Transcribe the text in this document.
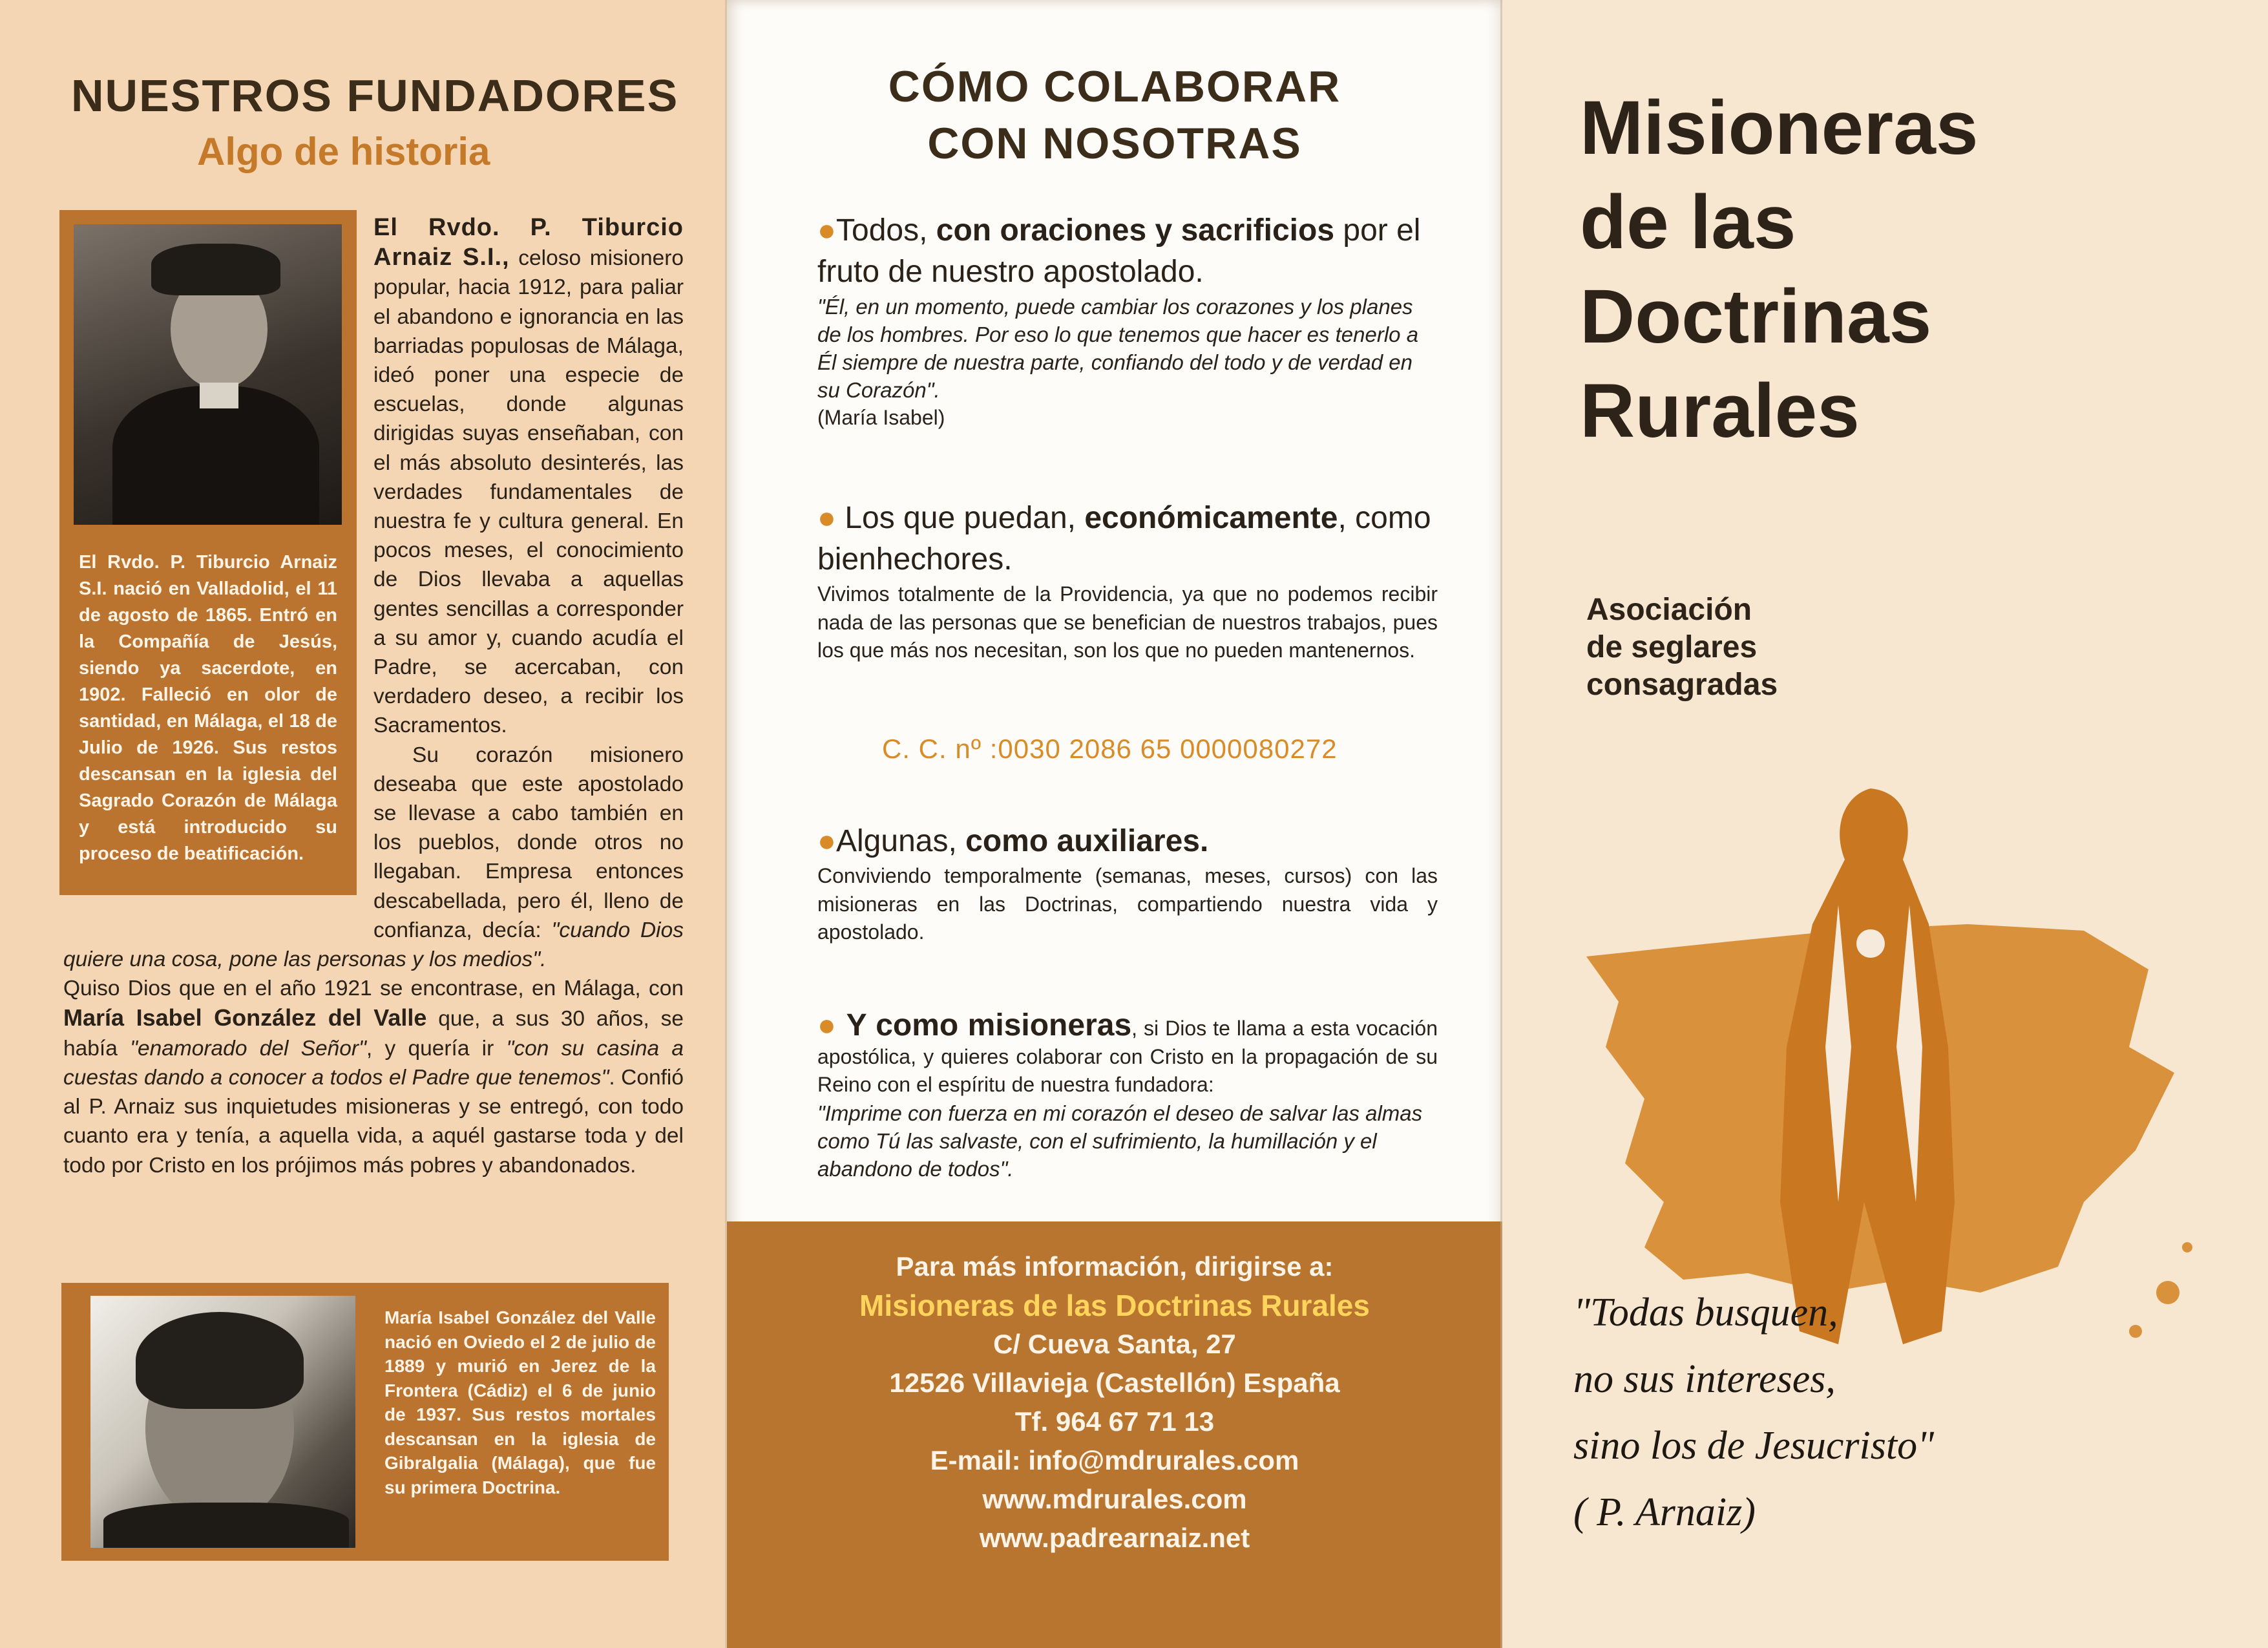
NUESTROS FUNDADORES
Algo de historia

El Rvdo. P. Tiburcio Arnaiz S.I. nació en Valladolid, el 11 de agosto de 1865. Entró en la Compañía de Jesús, siendo ya sacerdote, en 1902. Falleció en olor de santidad, en Málaga, el 18 de Julio de 1926. Sus restos descansan en la iglesia del Sagrado Corazón de Málaga y está introducido su proceso de beatificación.

El Rvdo. P. Tiburcio Arnaiz S.I., celoso misionero popular, hacia 1912, para paliar el abandono e ignorancia en las barriadas populosas de Málaga, ideó poner una especie de escuelas, donde algunas dirigidas suyas enseñaban, con el más absoluto desinterés, las verdades fundamentales de nuestra fe y cultura general. En pocos meses, el conocimiento de Dios llevaba a aquellas gentes sencillas a corresponder a su amor y, cuando acudía el Padre, se acercaban, con verdadero deseo, a recibir los Sacramentos.
Su corazón misionero deseaba que este apostolado se llevase a cabo también en los pueblos, donde otros no llegaban. Empresa entonces descabellada, pero él, lleno de confianza, decía: "cuando Dios quiere una cosa, pone las personas y los medios".
Quiso Dios que en el año 1921 se encontrase, en Málaga, con María Isabel González del Valle que, a sus 30 años, se había "enamorado del Señor", y quería ir "con su casina a cuestas dando a conocer a todos el Padre que tenemos". Confió al P. Arnaiz sus inquietudes misioneras y se entregó, con todo cuanto era y tenía, a aquella vida, a aquél gastarse toda y del todo por Cristo en los prójimos más pobres y abandonados.

María Isabel González del Valle nació en Oviedo el 2 de julio de 1889 y murió en Jerez de la Frontera (Cádiz) el 6 de junio de 1937. Sus restos mortales descansan en la iglesia de Gibralgalia (Málaga), que fue su primera Doctrina.

CÓMO COLABORAR
CON NOSOTRAS
●Todos, con oraciones y sacrificios por el fruto de nuestro apostolado.

"Él, en un momento, puede cambiar los corazones y los planes de los hombres. Por eso lo que tenemos que hacer es tenerlo a Él siempre de nuestra parte, confiando del todo y de verdad en su Corazón".

(María Isabel)

● Los que puedan, económicamente, como bienhechores.

Vivimos totalmente de la Providencia, ya que no podemos recibir nada de las personas que se benefician de nuestros trabajos, pues los que más nos necesitan, son los que no pueden mantenernos.

C. C. nº :0030 2086 65 0000080272
●Algunas, como auxiliares.

Conviviendo temporalmente (semanas, meses, cursos) con las misioneras en las Doctrinas, compartiendo nuestra vida y apostolado.

● Y como misioneras, si Dios te llama a esta vocación apostólica, y quieres colaborar con Cristo en la propagación de su Reino con el espíritu de nuestra fundadora:

"Imprime con fuerza en mi corazón el deseo de salvar las almas como Tú las salvaste, con el sufrimiento, la humillación y el abandono de todos".

Para más información, dirigirse a:
Misioneras de las Doctrinas Rurales
C/ Cueva Santa, 27
12526 Villavieja (Castellón) España
Tf. 964 67 71 13
E-mail: info@mdrurales.com
www.mdrurales.com
www.padrearnaiz.net
Misioneras
de las
Doctrinas
Rurales

Asociación
de seglares
consagradas

"Todas busquen,
no sus intereses,
sino los de Jesucristo"
( P. Arnaiz)
